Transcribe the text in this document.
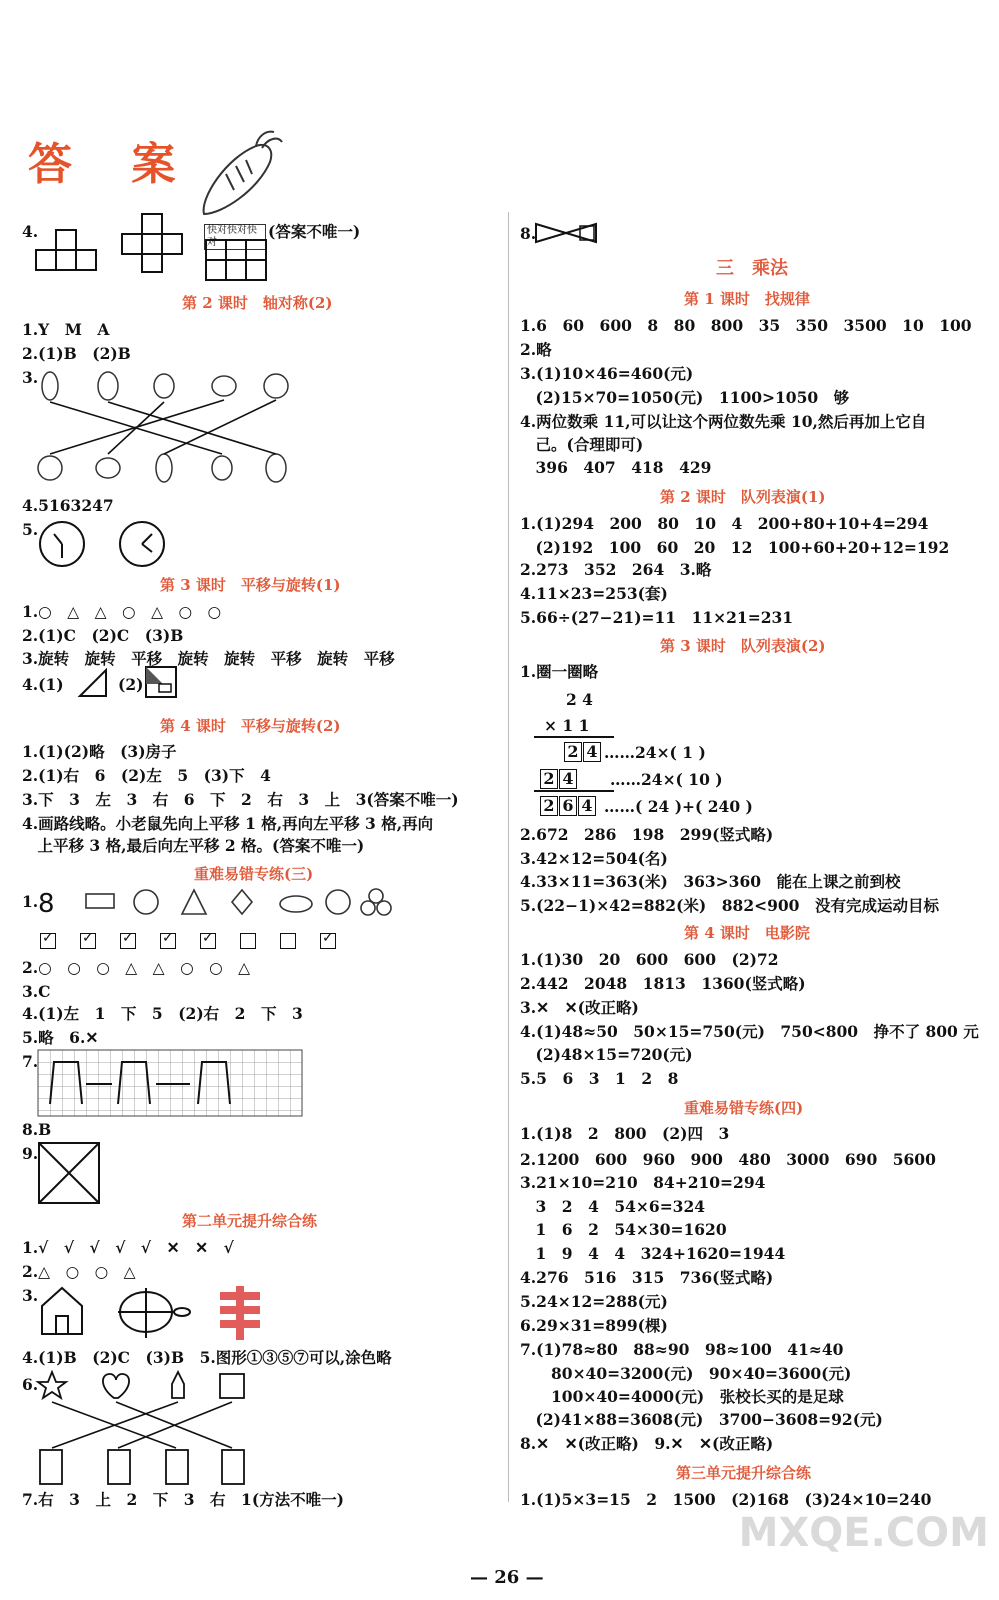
答 案
4.	快对快对快对
(答案不唯一)
第 2 课时　轴对称(2)
1.Y　M　A
2.(1)B　(2)B
3.
4.5163247
5.
第 3 课时　平移与旋转(1)
1.○　△　△　○　△　○　○
2.(1)C　(2)C　(3)B
3.旋转　旋转　平移　旋转　旋转　平移　旋转　平移
4.(1)	(2)
第 4 课时　平移与旋转(2)
1.(1)(2)略　(3)房子
2.(1)右　6　(2)左　5　(3)下　4
3.下　3　左　3　右　6　下　2　右　3　上　3(答案不唯一)
4.画路线略。小老鼠先向上平移 1 格,再向左平移 3 格,再向
　上平移 3 格,最后向左平移 2 格。(答案不唯一)
重难易错专练(三)
1. 8
✓✓✓✓✓✓
2.○　○　○　△　△　○　○　△
3.C
4.(1)左　1　下　5　(2)右　2　下　3
5.略　6.✕
7.
8.B
9.
第二单元提升综合练
1.√　√　√　√　√　✕　✕　√
2.△　○　○　△
3.
4.(1)B　(2)C　(3)B　5.图形①③⑤⑦可以,涂色略
6.
7.右　3　上　2　下　3　右　1(方法不唯一)
8.
三　乘法
第 1 课时　找规律
1.6　60　600　8　80　800　35　350　3500　10　100
2.略
3.(1)10×46=460(元)
　(2)15×70=1050(元)　1100>1050　够
4.两位数乘 11,可以让这个两位数先乘 10,然后再加上它自
　己。(合理即可)
　396　407　418　429
第 2 课时　队列表演(1)
1.(1)294　200　80　10　4　200+80+10+4=294
　(2)192　100　60　20　12　100+60+20+12=192
2.273　352　264　3.略
4.11×23=253(套)
5.66÷(27−21)=11　11×21=231
第 3 课时　队列表演(2)
1.圈一圈略
2 4
× 1 1
2 4 ……24×( 1 )
2 4 ……24×( 10 )
2 6 4 ……( 24 )+( 240 )
2.672　286　198　299(竖式略)
3.42×12=504(名)
4.33×11=363(米)　363>360　能在上课之前到校
5.(22−1)×42=882(米)　882<900　没有完成运动目标
第 4 课时　电影院
1.(1)30　20　600　600　(2)72
2.442　2048　1813　1360(竖式略)
3.✕　✕(改正略)
4.(1)48≈50　50×15=750(元)　750<800　挣不了 800 元
　(2)48×15=720(元)
5.5　6　3　1　2　8
重难易错专练(四)
1.(1)8　2　800　(2)四　3
2.1200　600　960　900　480　3000　690　5600
3.21×10=210　84+210=294
　3　2　4　54×6=324
　1　6　2　54×30=1620
　1　9　4　4　324+1620=1944
4.276　516　315　736(竖式略)
5.24×12=288(元)
6.29×31=899(棵)
7.(1)78≈80　88≈90　98≈100　41≈40
　　80×40=3200(元)　90×40=3600(元)
　　100×40=4000(元)　张校长买的是足球
　(2)41×88=3608(元)　3700−3608=92(元)
8.✕　✕(改正略)　9.✕　✕(改正略)
第三单元提升综合练
1.(1)5×3=15　2　1500　(2)168　(3)24×10=240
MXQE.COM
— 26 —
